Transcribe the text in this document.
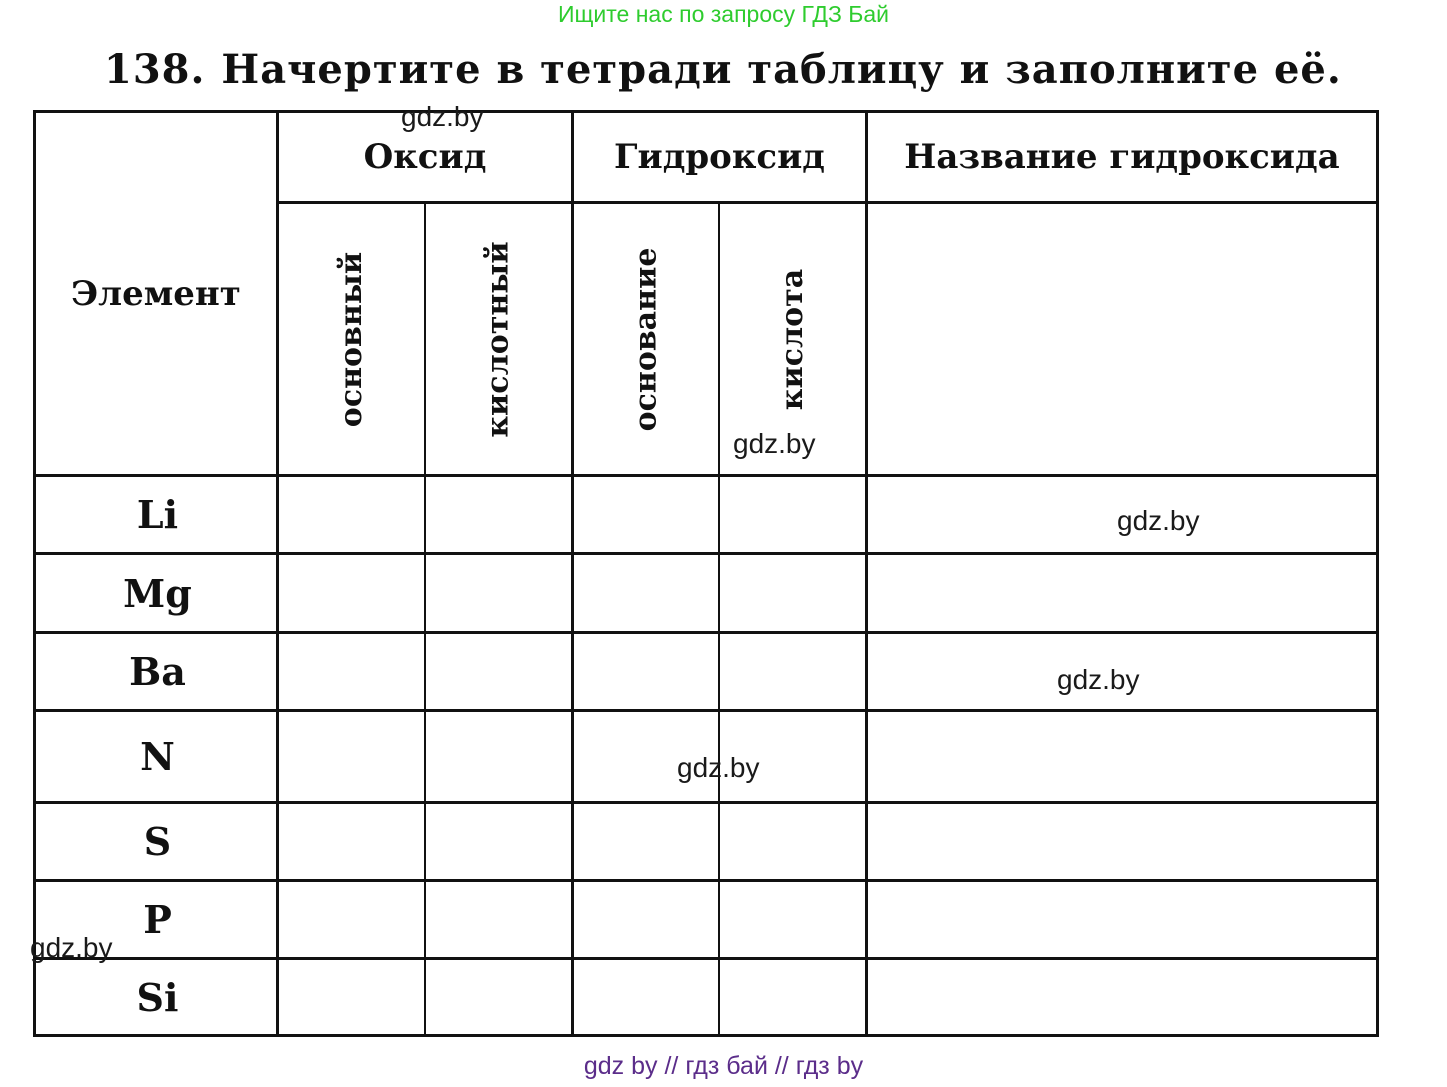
Ищите нас по запросу ГДЗ Бай
138. Начертите в тетради таблицу и заполните её.
Элемент
Оксид	Гидроксид	Название гидроксида
основный	кислотный	основание	кислота
Li
Mg
Ba
N
S
P
Si
gdz.by
gdz.by
gdz.by
gdz.by
gdz.by
gdz.by
gdz by // гдз бай // гдз by
